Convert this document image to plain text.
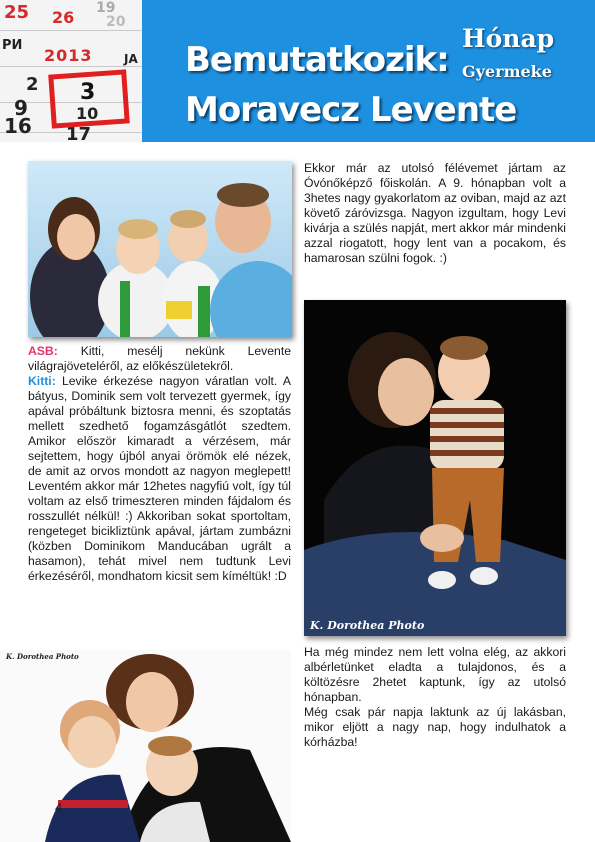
25 26 19
20
РИ
2013	JA
2
9
3
10
16 17
Bemutatkozik:
Moravecz Levente
Hónap
Gyermeke

ASB: Kitti, mesélj nekünk Levente világrajöveteléről, az előkészületekről.

Kitti: Levike érkezése nagyon váratlan volt. A bátyus, Dominik sem volt tervezett gyermek, így apával próbáltunk biztosra menni, és szoptatás mellett szedhető fogamzásgátlót szedtem. Amikor először kimaradt a vérzésem, már sejtettem, hogy újból anyai örömök elé nézek, de amit az orvos mondott az nagyon meglepett! Leventém akkor már 12hetes nagyfiú volt, így túl voltam az első trimeszteren minden fájdalom és rosszullét nélkül! :) Akkoriban sokat sportoltam, rengeteget bicikliztünk apával, jártam zumbázni (közben Dominikom Manducában ugrált a hasamon), tehát mivel nem tudtunk Levi érkezéséről, mondhatom kicsit sem kíméltük! :D

Ekkor már az utolsó félévemet jártam az Óvónőképző főiskolán. A 9. hónapban volt a 3hetes nagy gyakorlatom az oviban, majd az azt követő záróvizsga. Nagyon izgultam, hogy Levi kivárja a szülés napját, mert akkor már mindenki azzal riogatott, hogy lent van a pocakom, és hamarosan szülni fogok. :)

K. Dorothea Photo

Ha még mindez nem lett volna elég, az akkori albérletünket eladta a tulajdonos, és a költözésre 2hetet kaptunk, így az utolsó hónapban.

Még csak pár napja laktunk az új lakásban, mikor eljött a nagy nap, hogy indulhatok a kórházba!

K. Dorothea Photo
4
